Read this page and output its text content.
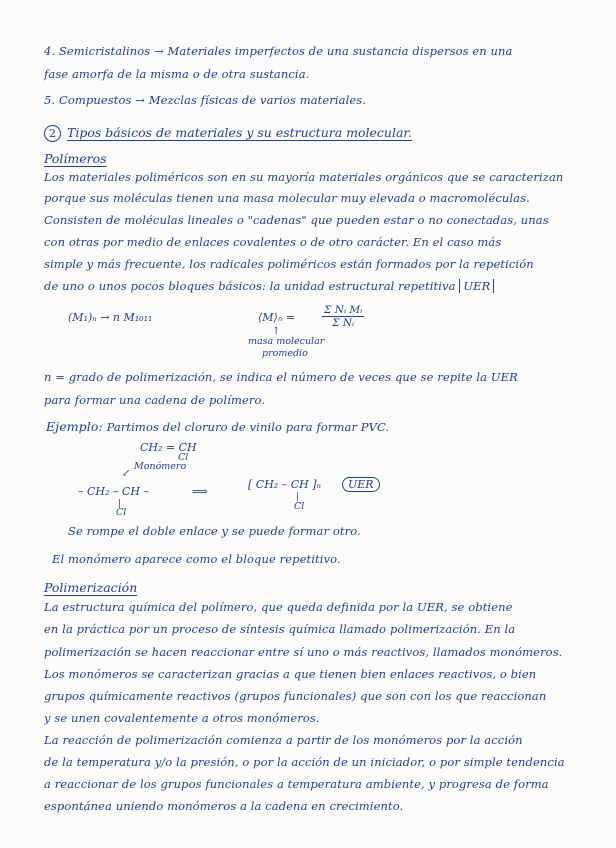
4. Semicristalinos → Materiales imperfectos de una sustancia dispersos en una
fase amorfa de la misma o de otra sustancia.
5. Compuestos → Mezclas físicas de varios materiales.
2 Tipos básicos de materiales y su estructura molecular.
Polímeros
Los materiales poliméricos son en su mayoría materiales orgánicos que se caracterizan
porque sus moléculas tienen una masa molecular muy elevada o macromoléculas.
Consisten de moléculas lineales o "cadenas" que pueden estar o no conectadas, unas
con otras por medio de enlaces covalentes o de otro carácter. En el caso más
simple y más frecuente, los radicales poliméricos están formados por la repetición
de uno o unos pocos bloques básicos: la unidad estructural repetitiva UER
(M₁)ₙ → n M₁₀₁₁	⟨M⟩ₙ =	$\frac{\text{Σ Nᵢ Mᵢ}}{\text{Σ Nᵢ}}$
↑
masa molecular
promedio
n = grado de polimerización, se indica el número de veces que se repite la UER
para formar una cadena de polímero.
Ejemplo: Partimos del cloruro de vinilo para formar PVC.
CH₂ = CH
Cl
Monómero
↙
– CH₂ – CH –
|
Cl
⟹
[ CH₂ – CH ]ₙ
|
Cl
UER
Se rompe el doble enlace y se puede formar otro.
El monómero aparece como el bloque repetitivo.
Polimerización
La estructura química del polímero, que queda definida por la UER, se obtiene
en la práctica por un proceso de síntesis química llamado polimerización. En la
polimerización se hacen reaccionar entre sí uno o más reactivos, llamados monómeros.
Los monómeros se caracterizan gracias a que tienen bien enlaces reactivos, o bien
grupos químicamente reactivos (grupos funcionales) que son con los que reaccionan
y se unen covalentemente a otros monómeros.
La reacción de polimerización comienza a partir de los monómeros por la acción
de la temperatura y/o la presión, o por la acción de un iniciador, o por simple tendencia
a reaccionar de los grupos funcionales a temperatura ambiente, y progresa de forma
espontánea uniendo monómeros a la cadena en crecimiento.
